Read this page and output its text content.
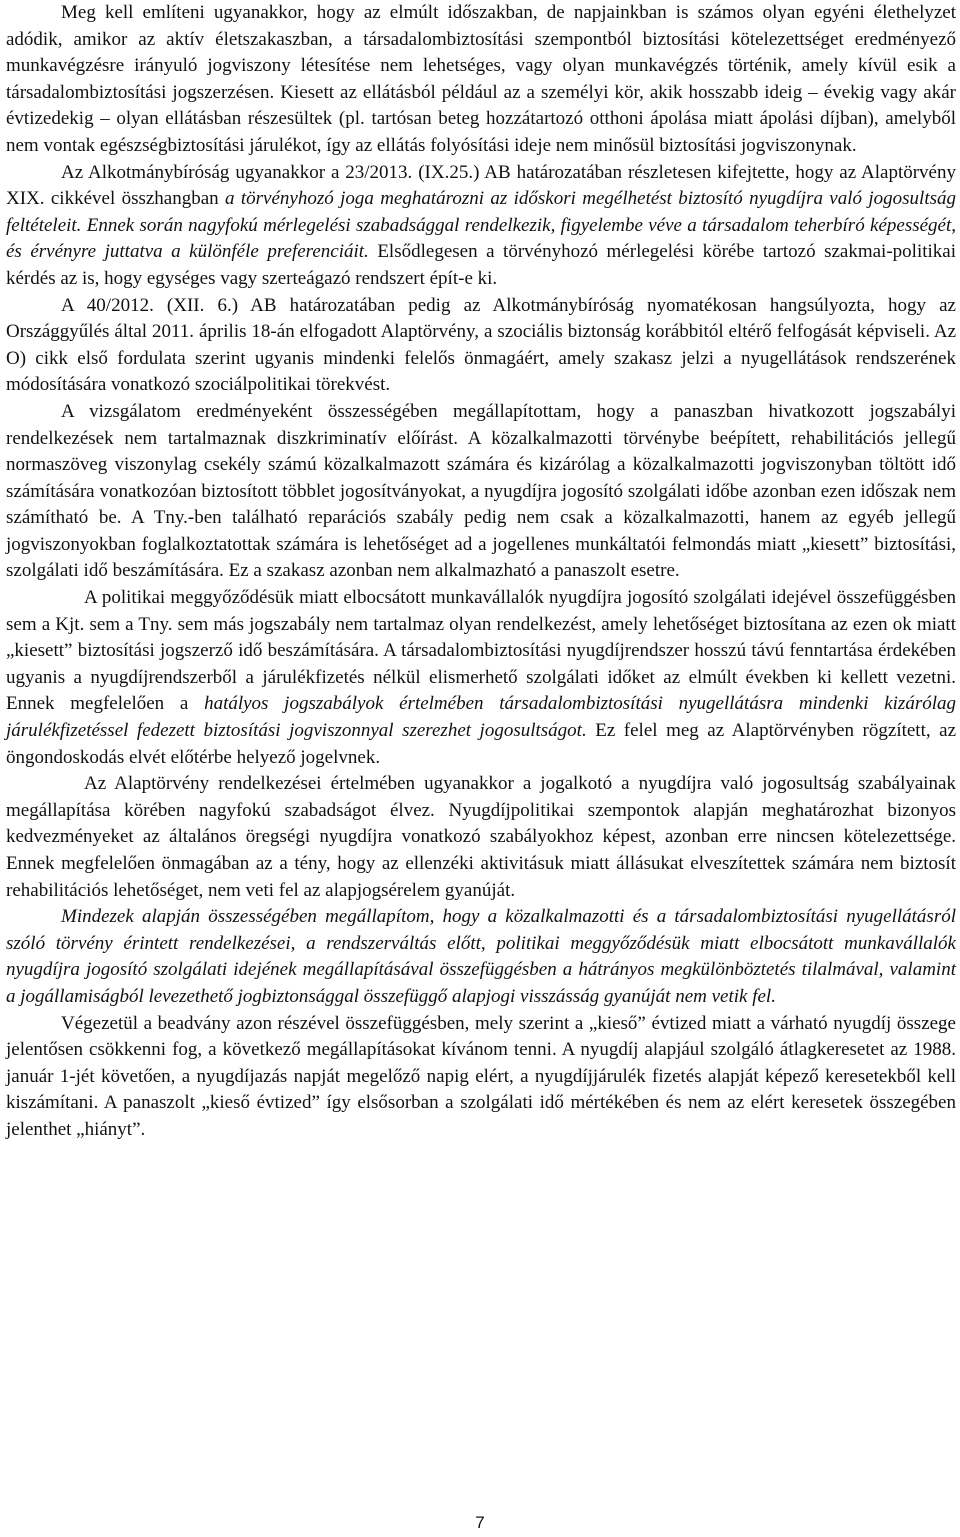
Meg kell említeni ugyanakkor, hogy az elmúlt időszakban, de napjainkban is számos olyan egyéni élethelyzet adódik, amikor az aktív életszakaszban, a társadalombiztosítási szempontból biztosítási kötelezettséget eredményező munkavégzésre irányuló jogviszony létesítése nem lehetséges, vagy olyan munkavégzés történik, amely kívül esik a társadalombiztosítási jogszerzésen. Kiesett az ellátásból például az a személyi kör, akik hosszabb ideig – évekig vagy akár évtizedekig – olyan ellátásban részesültek (pl. tartósan beteg hozzátartozó otthoni ápolása miatt ápolási díjban), amelyből nem vontak egészségbiztosítási járulékot, így az ellátás folyósítási ideje nem minősül biztosítási jogviszonynak.

Az Alkotmánybíróság ugyanakkor a 23/2013. (IX.25.) AB határozatában részletesen kifejtette, hogy az Alaptörvény XIX. cikkével összhangban a törvényhozó joga meghatározni az időskori megélhetést biztosító nyugdíjra való jogosultság feltételeit. Ennek során nagyfokú mérlegelési szabadsággal rendelkezik, figyelembe véve a társadalom teherbíró képességét, és érvényre juttatva a különféle preferenciáit. Elsődlegesen a törvényhozó mérlegelési körébe tartozó szakmai-politikai kérdés az is, hogy egységes vagy szerteágazó rendszert épít-e ki.

A 40/2012. (XII. 6.) AB határozatában pedig az Alkotmánybíróság nyomatékosan hangsúlyozta, hogy az Országgyűlés által 2011. április 18-án elfogadott Alaptörvény, a szociális biztonság korábbitól eltérő felfogását képviseli. Az O) cikk első fordulata szerint ugyanis mindenki felelős önmagáért, amely szakasz jelzi a nyugellátások rendszerének módosítására vonatkozó szociálpolitikai törekvést.

A vizsgálatom eredményeként összességében megállapítottam, hogy a panaszban hivatkozott jogszabályi rendelkezések nem tartalmaznak diszkriminatív előírást. A közalkalmazotti törvénybe beépített, rehabilitációs jellegű normaszöveg viszonylag csekély számú közalkalmazott számára és kizárólag a közalkalmazotti jogviszonyban töltött idő számítására vonatkozóan biztosított többlet jogosítványokat, a nyugdíjra jogosító szolgálati időbe azonban ezen időszak nem számítható be. A Tny.-ben található reparációs szabály pedig nem csak a közalkalmazotti, hanem az egyéb jellegű jogviszonyokban foglalkoztatottak számára is lehetőséget ad a jogellenes munkáltatói felmondás miatt „kiesett” biztosítási, szolgálati idő beszámítására. Ez a szakasz azonban nem alkalmazható a panaszolt esetre.

A politikai meggyőződésük miatt elbocsátott munkavállalók nyugdíjra jogosító szolgálati idejével összefüggésben sem a Kjt. sem a Tny. sem más jogszabály nem tartalmaz olyan rendelkezést, amely lehetőséget biztosítana az ezen ok miatt „kiesett” biztosítási jogszerző idő beszámítására. A társadalombiztosítási nyugdíjrendszer hosszú távú fenntartása érdekében ugyanis a nyugdíjrendszerből a járulékfizetés nélkül elismerhető szolgálati időket az elmúlt években ki kellett vezetni. Ennek megfelelően a hatályos jogszabályok értelmében társadalombiztosítási nyugellátásra mindenki kizárólag járulékfizetéssel fedezett biztosítási jogviszonnyal szerezhet jogosultságot. Ez felel meg az Alaptörvényben rögzített, az öngondoskodás elvét előtérbe helyező jogelvnek.

Az Alaptörvény rendelkezései értelmében ugyanakkor a jogalkotó a nyugdíjra való jogosultság szabályainak megállapítása körében nagyfokú szabadságot élvez. Nyugdíjpolitikai szempontok alapján meghatározhat bizonyos kedvezményeket az általános öregségi nyugdíjra vonatkozó szabályokhoz képest, azonban erre nincsen kötelezettsége. Ennek megfelelően önmagában az a tény, hogy az ellenzéki aktivitásuk miatt állásukat elveszítettek számára nem biztosít rehabilitációs lehetőséget, nem veti fel az alapjogsérelem gyanúját.

Mindezek alapján összességében megállapítom, hogy a közalkalmazotti és a társadalombiztosítási nyugellátásról szóló törvény érintett rendelkezései, a rendszerváltás előtt, politikai meggyőződésük miatt elbocsátott munkavállalók nyugdíjra jogosító szolgálati idejének megállapításával összefüggésben a hátrányos megkülönböztetés tilalmával, valamint a jogállamiságból levezethető jogbiztonsággal összefüggő alapjogi visszásság gyanúját nem vetik fel.

Végezetül a beadvány azon részével összefüggésben, mely szerint a „kieső” évtized miatt a várható nyugdíj összege jelentősen csökkenni fog, a következő megállapításokat kívánom tenni. A nyugdíj alapjául szolgáló átlagkeresetet az 1988. január 1-jét követően, a nyugdíjazás napját megelőző napig elért, a nyugdíjjárulék fizetés alapját képező keresetekből kell kiszámítani. A panaszolt „kieső évtized” így elsősorban a szolgálati idő mértékében és nem az elért keresetek összegében jelenthet „hiányt”.

7
